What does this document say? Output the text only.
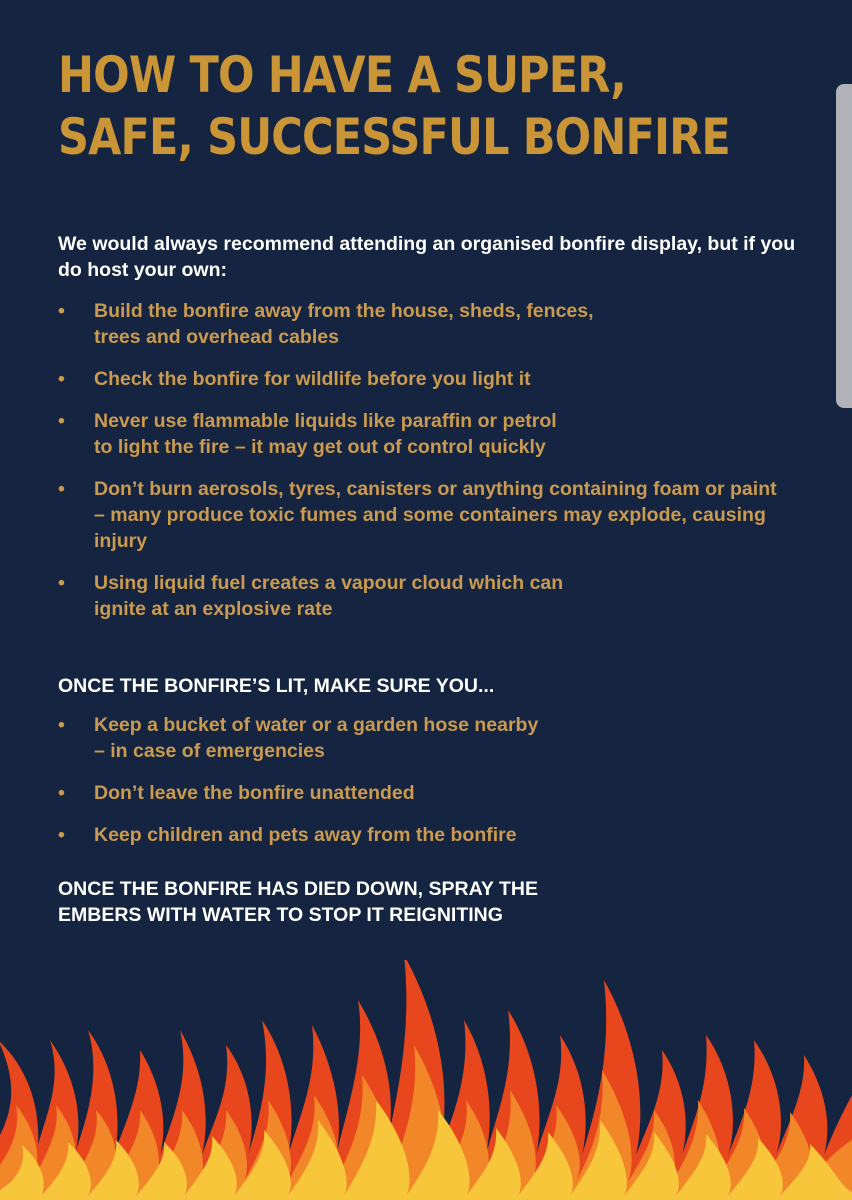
HOW TO HAVE A SUPER,
SAFE, SUCCESSFUL BONFIRE

We would always recommend attending an organised bonfire display, but if you do host your own:

• Build the bonfire away from the house, sheds, fences,
trees and overhead cables
• Check the bonfire for wildlife before you light it
• Never use flammable liquids like paraffin or petrol
to light the fire – it may get out of control quickly
• Don’t burn aerosols, tyres, canisters or anything containing foam or paint – many produce toxic fumes and some containers may explode, causing injury
• Using liquid fuel creates a vapour cloud which can
ignite at an explosive rate
ONCE THE BONFIRE’S LIT, MAKE SURE YOU...
• Keep a bucket of water or a garden hose nearby
– in case of emergencies
• Don’t leave the bonfire unattended
• Keep children and pets away from the bonfire
ONCE THE BONFIRE HAS DIED DOWN, SPRAY THE
EMBERS WITH WATER TO STOP IT REIGNITING
